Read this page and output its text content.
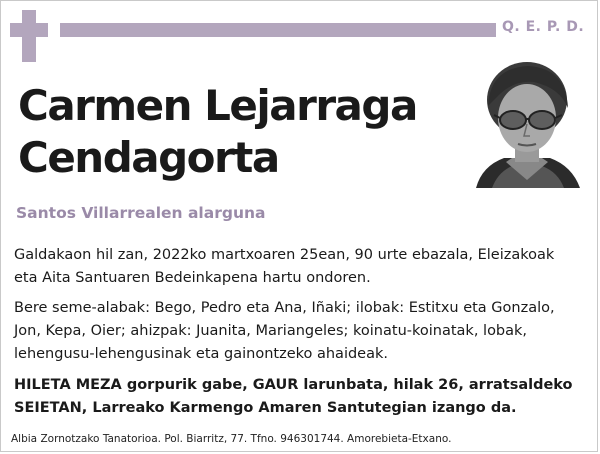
Q. E. P. D.
Carmen Lejarraga
Cendagorta
Santos Villarrealen alarguna

Galdakaon hil zan, 2022ko martxoaren 25ean, 90 urte ebazala, Eleizakoak eta Aita Santuaren Bedeinkapena hartu ondoren.

Bere seme-alabak: Bego, Pedro eta Ana, Iñaki; ilobak: Estitxu eta Gonzalo, Jon, Kepa, Oier; ahizpak: Juanita, Mariangeles; koinatu-koinatak, lobak, lehengusu-lehengusinak eta gainontzeko ahaideak.

HILETA MEZA gorpurik gabe, GAUR larunbata, hilak 26, arratsaldeko SEIETAN, Larreako Karmengo Amaren Santutegian izango da.

Albia Zornotzako Tanatorioa. Pol. Biarritz, 77. Tfno. 946301744. Amorebieta-Etxano.
